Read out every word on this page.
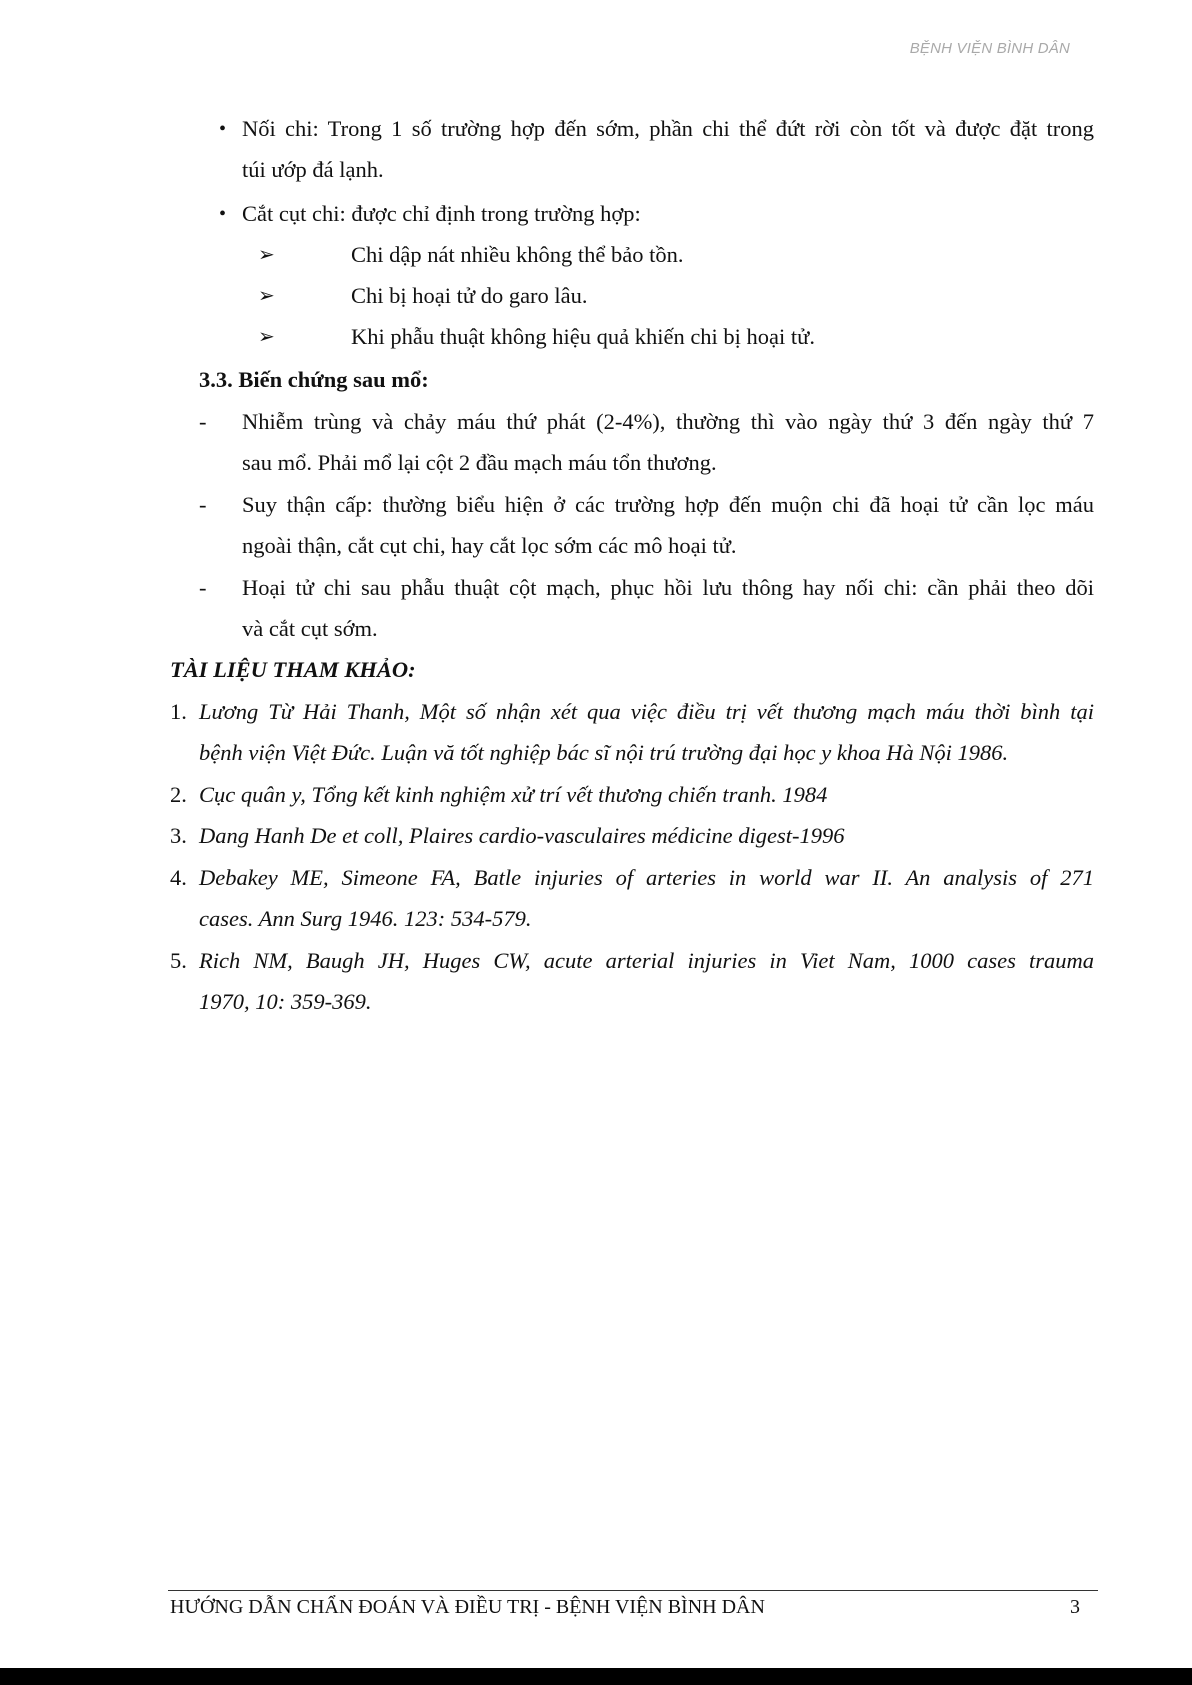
BỆNH VIỆN BÌNH DÂN
• Nối chi: Trong 1 số trường hợp đến sớm, phần chi thể đứt rời còn tốt và được đặt trong
túi ướp đá lạnh.
• Cắt cụt chi: được chỉ định trong trường hợp:
➢	Chi dập nát nhiều không thể bảo tồn.
➢	Chi bị hoại tử do garo lâu.
➢	Khi phẫu thuật không hiệu quả khiến chi bị hoại tử.
3.3. Biến chứng sau mổ:
- Nhiễm trùng và chảy máu thứ phát (2-4%), thường thì vào ngày thứ 3 đến ngày thứ 7
sau mổ. Phải mổ lại cột 2 đầu mạch máu tổn thương.
- Suy thận cấp: thường biểu hiện ở các trường hợp đến muộn chi đã hoại tử cần lọc máu
ngoài thận, cắt cụt chi, hay cắt lọc sớm các mô hoại tử.
- Hoại tử chi sau phẫu thuật cột mạch, phục hồi lưu thông hay nối chi: cần phải theo dõi
và cắt cụt sớm.
TÀI LIỆU THAM KHẢO:
1. Lương Từ Hải Thanh, Một số nhận xét qua việc điều trị vết thương mạch máu thời bình tại
bệnh viện Việt Đức. Luận vă tốt nghiệp bác sĩ nội trú trường đại học y khoa Hà Nội 1986.
2. Cục quân y, Tổng kết kinh nghiệm xử trí vết thương chiến tranh. 1984
3. Dang Hanh De et coll, Plaires cardio-vasculaires médicine digest-1996
4. Debakey ME, Simeone FA, Batle injuries of arteries in world war II. An analysis of 271
cases. Ann Surg 1946. 123: 534-579.
5. Rich NM, Baugh JH, Huges CW, acute arterial injuries in Viet Nam, 1000 cases trauma
1970, 10: 359-369.
HƯỚNG DẪN CHẨN ĐOÁN VÀ ĐIỀU TRỊ - BỆNH VIỆN BÌNH DÂN	3
